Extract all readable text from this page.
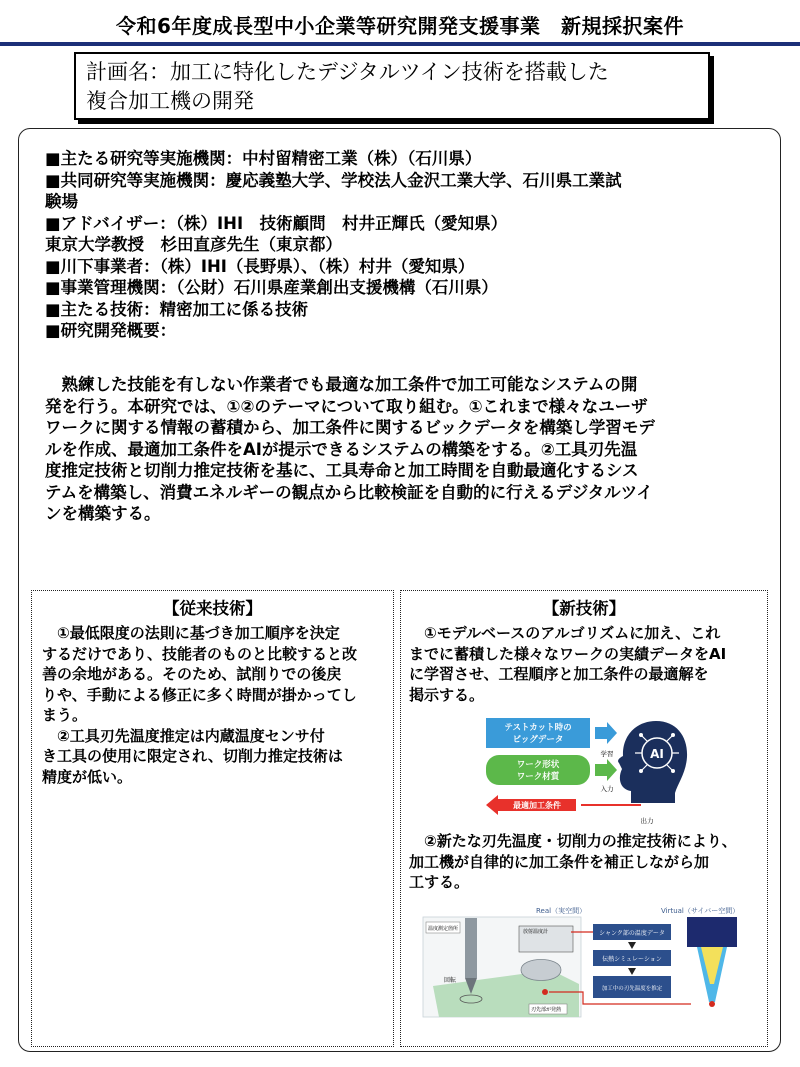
令和6年度成長型中小企業等研究開発支援事業　新規採択案件
計画名：加工に特化したデジタルツイン技術を搭載した
複合加工機の開発
■主たる研究等実施機関：中村留精密工業（株）（石川県）
■共同研究等実施機関：慶応義塾大学、学校法人金沢工業大学、石川県工業試
験場
■アドバイザー：（株）IHI　技術顧問　村井正輝氏（愛知県）
東京大学教授　杉田直彦先生（東京都）
■川下事業者：（株）IHI（長野県）、（株）村井（愛知県）
■事業管理機関：（公財）石川県産業創出支援機構（石川県）
■主たる技術：精密加工に係る技術
■研究開発概要：
　熟練した技能を有しない作業者でも最適な加工条件で加工可能なシステムの開
発を行う。本研究では、①②のテーマについて取り組む。①これまで様々なユーザ
ワークに関する情報の蓄積から、加工条件に関するビックデータを構築し学習モデ
ルを作成、最適加工条件をAIが提示できるシステムの構築をする。②工具刃先温
度推定技術と切削力推定技術を基に、工具寿命と加工時間を自動最適化するシス
テムを構築し、消費エネルギーの観点から比較検証を自動的に行えるデジタルツイ
ンを構築する。
【従来技術】
　①最低限度の法則に基づき加工順序を決定
するだけであり、技能者のものと比較すると改
善の余地がある。そのため、試削りでの後戻
りや、手動による修正に多く時間が掛かってし
まう。
　②工具刃先温度推定は内蔵温度センサ付
き工具の使用に限定され、切削力推定技術は
精度が低い。
【新技術】
　①モデルベースのアルゴリズムに加え、これ
までに蓄積した様々なワークの実績データをAI
に学習させ、工程順序と加工条件の最適解を
掲示する。
テストカット時の
ビッグデータ
学習
ワーク形状
ワーク材質
入力
最適加工条件
出力
AI
　②新たな刃先温度・切削力の推定技術により、
加工機が自律的に加工条件を補正しながら加
工する。
Real（実空間）	Virtual（サイバー空間）
放射温度計
温度測定箇所
回転
刃先部が発熱
シャンク部の温度データ
伝熱シミュレーション
加工中の刃先温度を推定
